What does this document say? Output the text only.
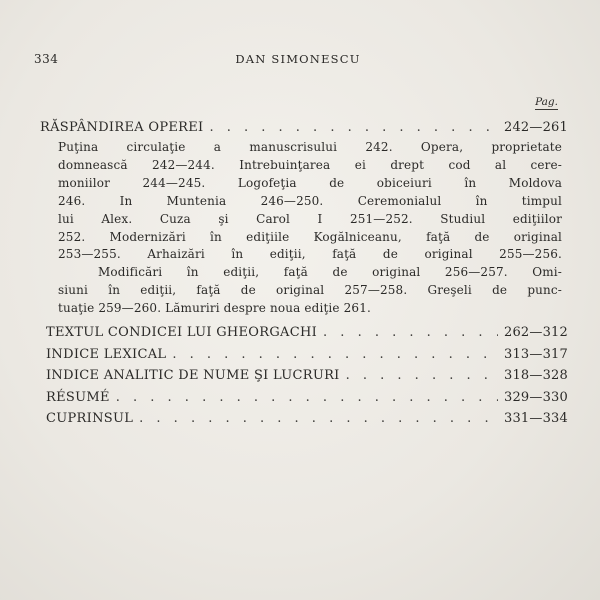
334	DAN SIMONESCU
Pag.
RĂSPÂNDIREA OPEREI . . .	242—261
Puţina circulaţie a manuscrisului 242. Opera, proprietate
domnească 242—244. Intrebuinţarea ei drept cod al cere-
moniilor 244—245. Logofeţia de obiceiuri în Moldova
246. In Muntenia 246—250. Ceremonialul în timpul
lui Alex. Cuza şi Carol I 251—252. Studiul ediţiilor
252. Modernizări în ediţiile Kogălniceanu, faţă de original
253—255. Arhaizări în ediţii, faţă de original 255—256.
Modificări în ediţii, faţă de original 256—257. Omi-
siuni în ediţii, faţă de original 257—258. Greşeli de punc-
tuaţie 259—260. Lămuriri despre noua ediţie 261.
TEXTUL CONDICEI LUI GHEORGACHI . . .	262—312
INDICE LEXICAL . . .	313—317
INDICE ANALITIC DE NUME ŞI LUCRURI . . .	318—328
RÉSUMÉ . . .	329—330
CUPRINSUL . . .	331—334
